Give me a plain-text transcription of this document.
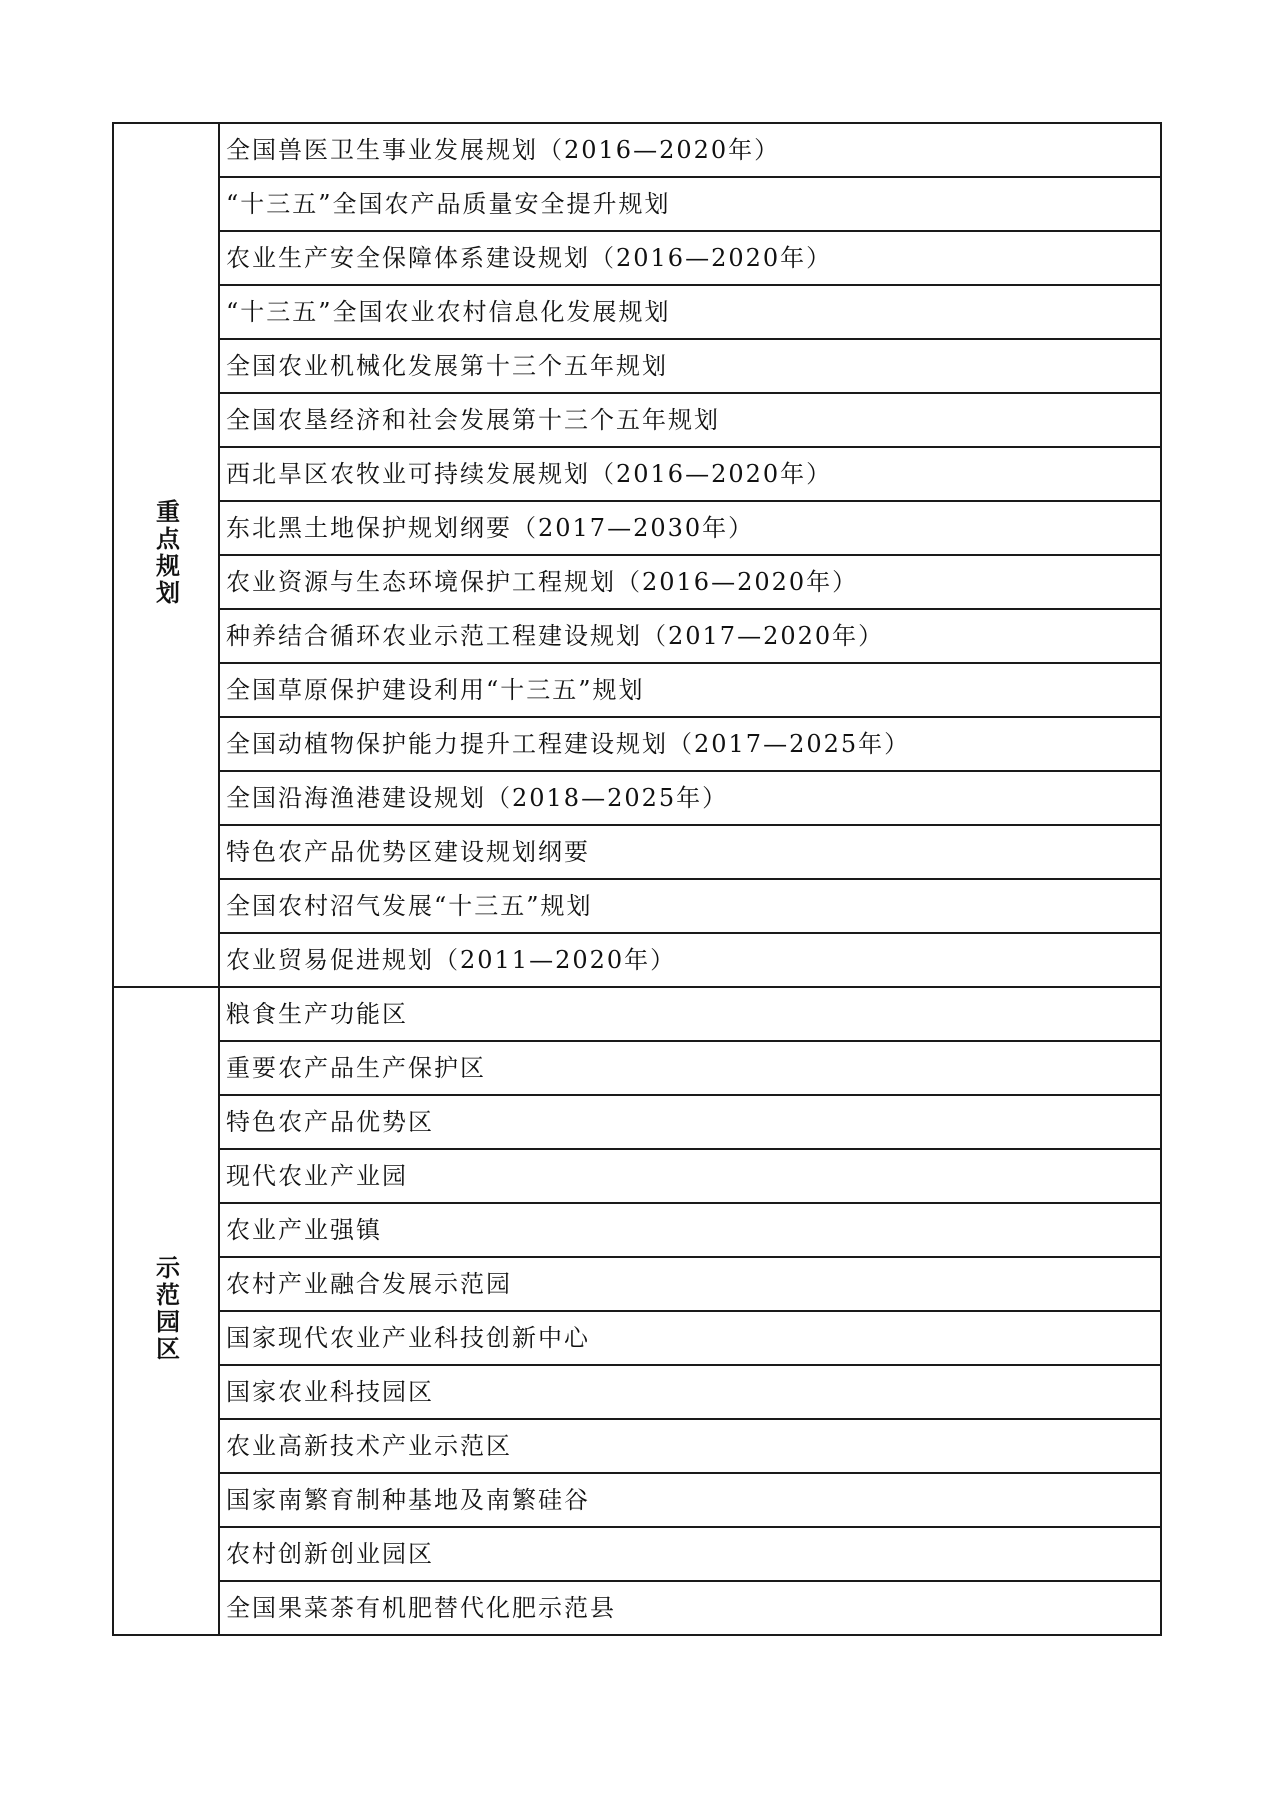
重点规划	全国兽医卫生事业发展规划（2016—2020年）
	“十三五”全国农产品质量安全提升规划
	农业生产安全保障体系建设规划（2016—2020年）
	“十三五”全国农业农村信息化发展规划
	全国农业机械化发展第十三个五年规划
	全国农垦经济和社会发展第十三个五年规划
	西北旱区农牧业可持续发展规划（2016—2020年）
	东北黑土地保护规划纲要（2017—2030年）
	农业资源与生态环境保护工程规划（2016—2020年）
	种养结合循环农业示范工程建设规划（2017—2020年）
	全国草原保护建设利用“十三五”规划
	全国动植物保护能力提升工程建设规划（2017—2025年）
	全国沿海渔港建设规划（2018—2025年）
	特色农产品优势区建设规划纲要
	全国农村沼气发展“十三五”规划
	农业贸易促进规划（2011—2020年）
示范园区	粮食生产功能区
	重要农产品生产保护区
	特色农产品优势区
	现代农业产业园
	农业产业强镇
	农村产业融合发展示范园
	国家现代农业产业科技创新中心
	国家农业科技园区
	农业高新技术产业示范区
	国家南繁育制种基地及南繁硅谷
	农村创新创业园区
	全国果菜茶有机肥替代化肥示范县
